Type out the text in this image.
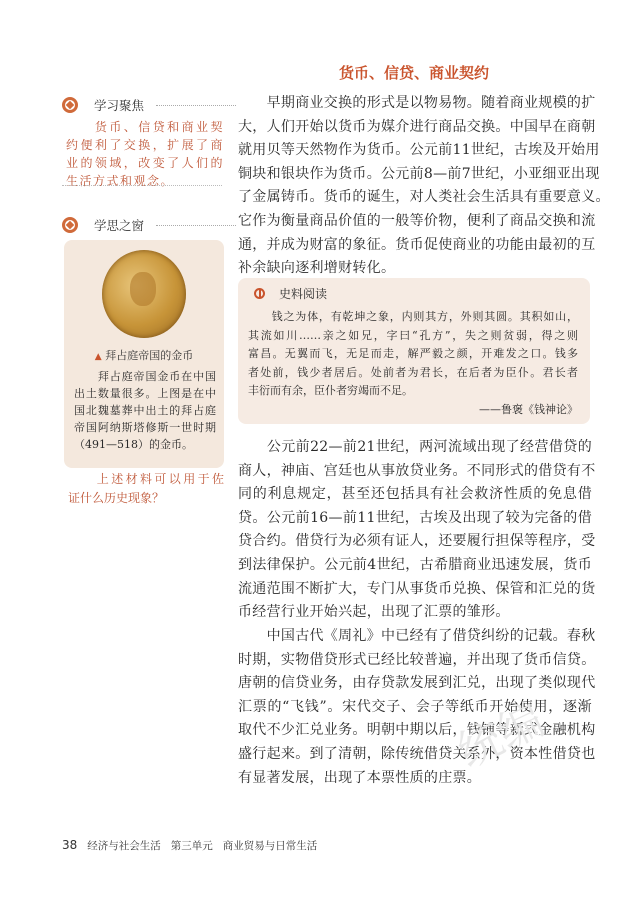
货币、信贷、商业契约
学习聚焦
　　货币、信贷和商业契
约便利了交换，扩展了商
业的领域，改变了人们的
生活方式和观念。
学思之窗
▲ 拜占庭帝国的金币
　　拜占庭帝国金币在中国
出土数量很多。上图是在中
国北魏墓葬中出土的拜占庭
帝国阿纳斯塔修斯一世时期
（491—518）的金币。
　　上述材料可以用于佐
证什么历史现象？
　　早期商业交换的形式是以物易物。随着商业规模的扩
大，人们开始以货币为媒介进行商品交换。中国早在商朝
就用贝等天然物作为货币。公元前11世纪，古埃及开始用
铜块和银块作为货币。公元前8—前7世纪，小亚细亚出现
了金属铸币。货币的诞生，对人类社会生活具有重要意义。
它作为衡量商品价值的一般等价物，便利了商品交换和流
通，并成为财富的象征。货币促使商业的功能由最初的互
补余缺向逐利增财转化。
史料阅读
　　钱之为体，有乾坤之象，内则其方，外则其圆。其积如山，
其流如川……亲之如兄，字曰“孔方”，失之则贫弱，得之则
富昌。无翼而飞，无足而走，解严毅之颜，开难发之口。钱多
者处前，钱少者居后。处前者为君长，在后者为臣仆。君长者
丰衍而有余，臣仆者穷竭而不足。
——鲁褒《钱神论》
　　公元前22—前21世纪，两河流域出现了经营借贷的
商人，神庙、宫廷也从事放贷业务。不同形式的借贷有不
同的利息规定，甚至还包括具有社会救济性质的免息借
贷。公元前16—前11世纪，古埃及出现了较为完备的借
贷合约。借贷行为必须有证人，还要履行担保等程序，受
到法律保护。公元前4世纪，古希腊商业迅速发展，货币
流通范围不断扩大，专门从事货币兑换、保管和汇兑的货
币经营行业开始兴起，出现了汇票的雏形。
　　中国古代《周礼》中已经有了借贷纠纷的记载。春秋
时期，实物借贷形式已经比较普遍，并出现了货币信贷。
唐朝的信贷业务，由存贷款发展到汇兑，出现了类似现代
汇票的“飞钱”。宋代交子、会子等纸币开始使用，逐渐
取代不少汇兑业务。明朝中期以后，钱铺等新式金融机构
盛行起来。到了清朝，除传统借贷关系外，资本性借贷也
有显著发展，出现了本票性质的庄票。
统编
38 经济与社会生活 第三单元 商业贸易与日常生活
